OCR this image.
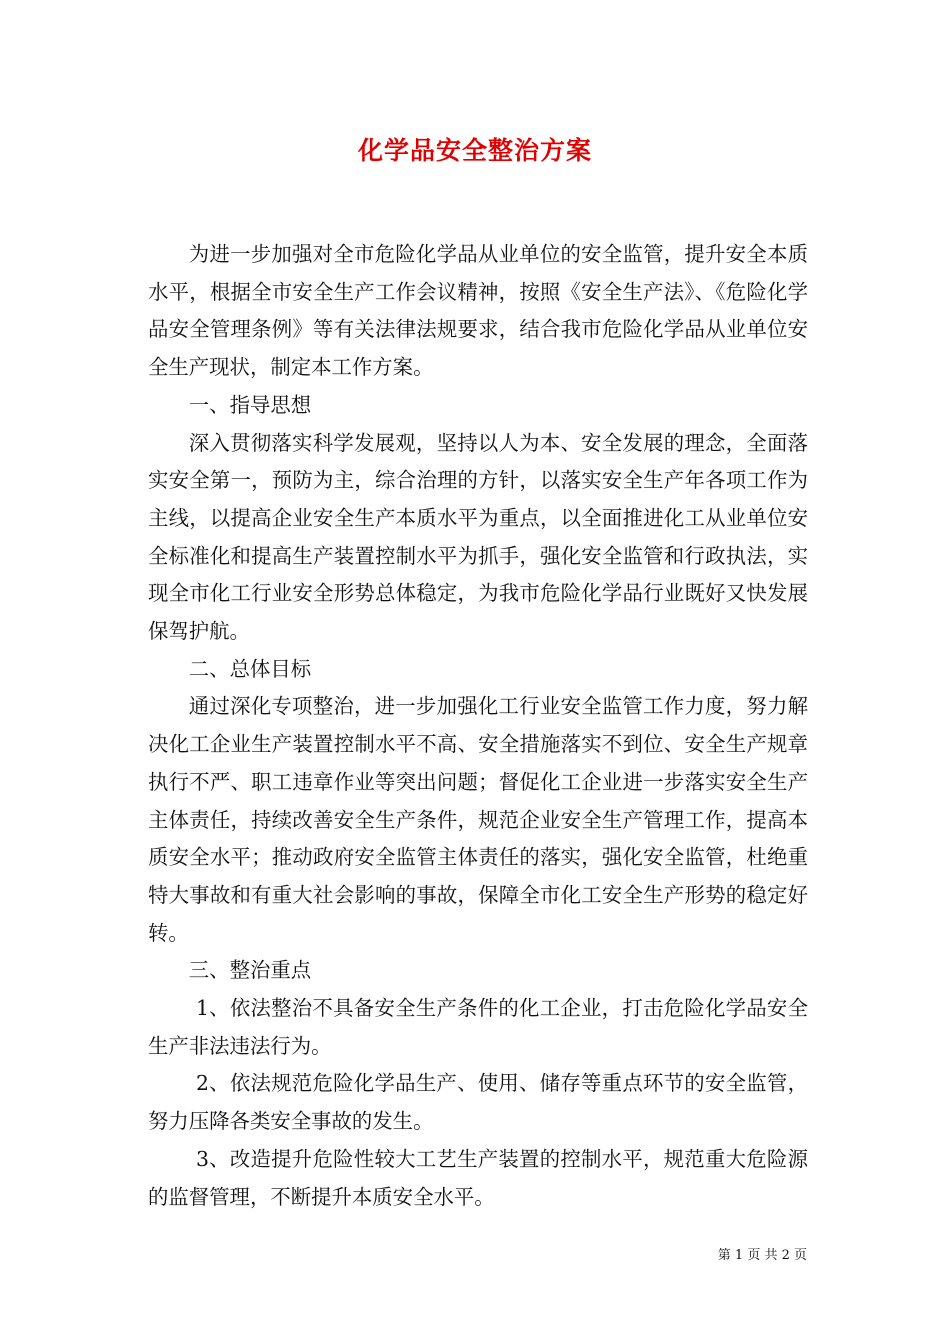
化学品安全整治方案

为进一步加强对全市危险化学品从业单位的安全监管，提升安全本质水平，根据全市安全生产工作会议精神，按照《安全生产法》、《危险化学品安全管理条例》等有关法律法规要求，结合我市危险化学品从业单位安全生产现状，制定本工作方案。

一、指导思想

深入贯彻落实科学发展观，坚持以人为本、安全发展的理念，全面落实安全第一，预防为主，综合治理的方针，以落实安全生产年各项工作为主线，以提高企业安全生产本质水平为重点，以全面推进化工从业单位安全标准化和提高生产装置控制水平为抓手，强化安全监管和行政执法，实现全市化工行业安全形势总体稳定，为我市危险化学品行业既好又快发展保驾护航。

二、总体目标

通过深化专项整治，进一步加强化工行业安全监管工作力度，努力解决化工企业生产装置控制水平不高、安全措施落实不到位、安全生产规章执行不严、职工违章作业等突出问题；督促化工企业进一步落实安全生产主体责任，持续改善安全生产条件，规范企业安全生产管理工作，提高本质安全水平；推动政府安全监管主体责任的落实，强化安全监管，杜绝重特大事故和有重大社会影响的事故，保障全市化工安全生产形势的稳定好转。

三、整治重点

1、依法整治不具备安全生产条件的化工企业，打击危险化学品安全生产非法违法行为。

2、依法规范危险化学品生产、使用、储存等重点环节的安全监管，努力压降各类安全事故的发生。

3、改造提升危险性较大工艺生产装置的控制水平，规范重大危险源的监督管理，不断提升本质安全水平。

第 1 页 共 2 页
